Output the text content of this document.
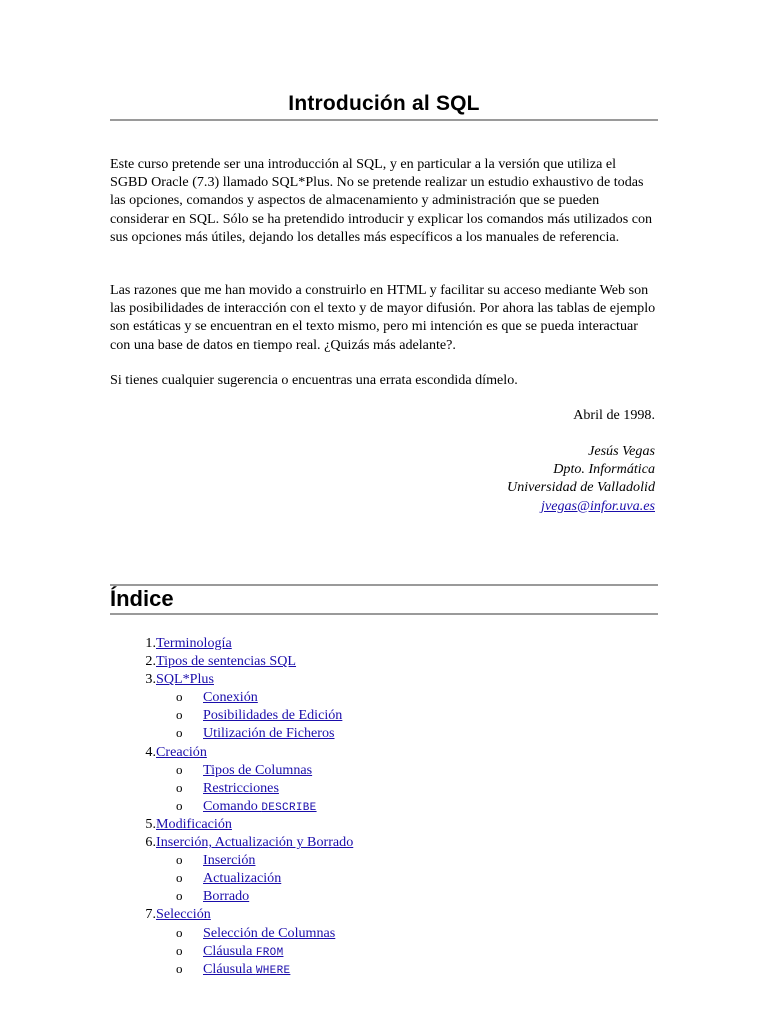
Introdución al SQL

Este curso pretende ser una introducción al SQL, y en particular a la versión que utiliza el SGBD Oracle (7.3) llamado SQL*Plus. No se pretende realizar un estudio exhaustivo de todas las opciones, comandos y aspectos de almacenamiento y administración que se pueden considerar en SQL. Sólo se ha pretendido introducir y explicar los comandos más utilizados con sus opciones más útiles, dejando los detalles más específicos a los manuales de referencia.

Las razones que me han movido a construirlo en HTML y facilitar su acceso mediante Web son las posibilidades de interacción con el texto y de mayor difusión. Por ahora las tablas de ejemplo son estáticas y se encuentran en el texto mismo, pero mi intención es que se pueda interactuar con una base de datos en tiempo real. ¿Quizás más adelante?.

Si tienes cualquier sugerencia o encuentras una errata escondida dímelo.

Abril de 1998.
Jesús Vegas
Dpto. Informática
Universidad de Valladolid
jvegas@infor.uva.es
Índice
1. Terminología
2. Tipos de sentencias SQL
3. SQL*Plus
o Conexión
o Posibilidades de Edición
o Utilización de Ficheros
4. Creación
o Tipos de Columnas
o Restricciones
o Comando DESCRIBE
5. Modificación
6. Inserción, Actualización y Borrado
o Inserción
o Actualización
o Borrado
7. Selección
o Selección de Columnas
o Cláusula FROM
o Cláusula WHERE
